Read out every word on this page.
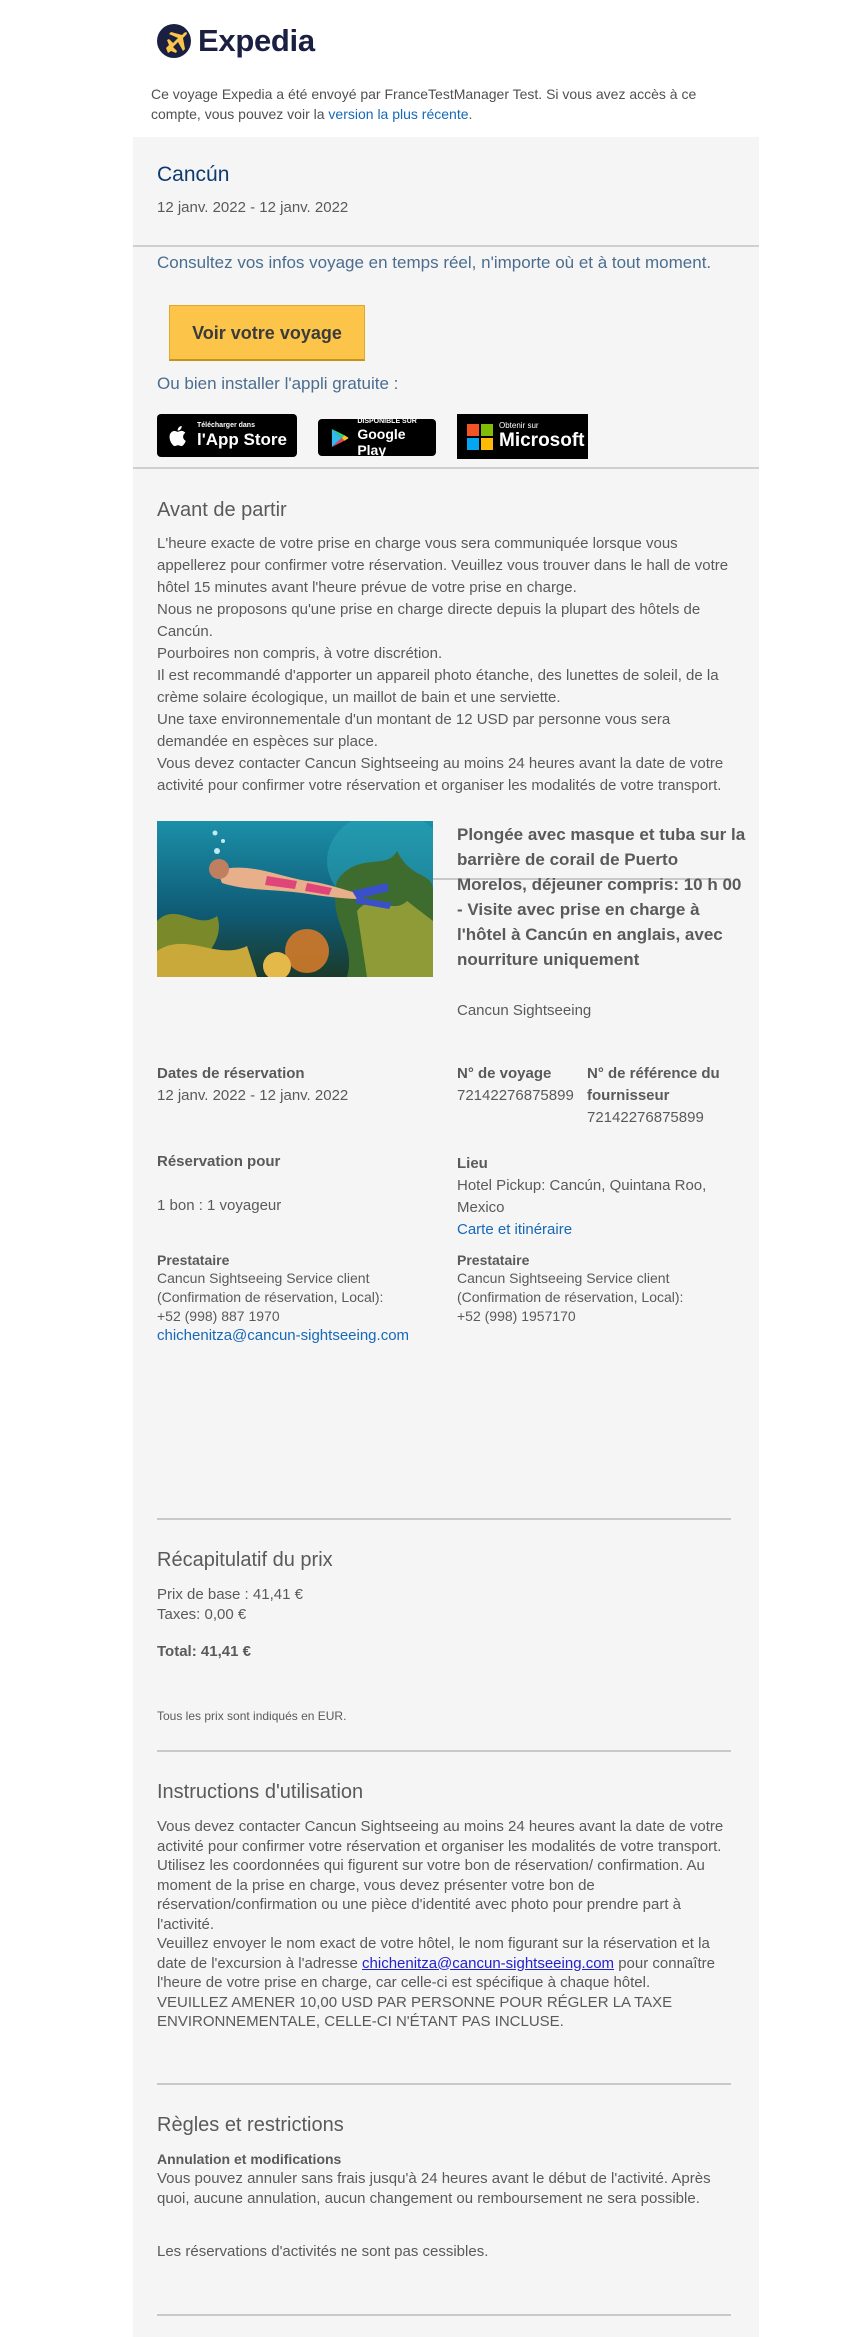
Expedia
Ce voyage Expedia a été envoyé par FranceTestManager Test. Si vous avez accès à ce compte, vous pouvez voir la version la plus récente.
Cancún
12 janv. 2022 - 12 janv. 2022
Consultez vos infos voyage en temps réel, n'importe où et à tout moment.
Voir votre voyage
Ou bien installer l'appli gratuite :
Télécharger dans
l'App Store
DISPONIBLE SUR
Google Play
Obtenir sur
Microsoft
Avant de partir

L'heure exacte de votre prise en charge vous sera communiquée lorsque vous appellerez pour confirmer votre réservation. Veuillez vous trouver dans le hall de votre hôtel 15 minutes avant l'heure prévue de votre prise en charge.

Nous ne proposons qu'une prise en charge directe depuis la plupart des hôtels de Cancún.

Pourboires non compris, à votre discrétion.

Il est recommandé d'apporter un appareil photo étanche, des lunettes de soleil, de la crème solaire écologique, un maillot de bain et une serviette.

Une taxe environnementale d'un montant de 12 USD par personne vous sera demandée en espèces sur place.

Vous devez contacter Cancun Sightseeing au moins 24 heures avant la date de votre activité pour confirmer votre réservation et organiser les modalités de votre transport.

Plongée avec masque et tuba sur la barrière de corail de Puerto Morelos, déjeuner compris: 10 h 00 - Visite avec prise en charge à l'hôtel à Cancún en anglais, avec nourriture uniquement
Cancun Sightseeing
Dates de réservation
12 janv. 2022 - 12 janv. 2022
N° de voyage
72142276875899
N° de référence du fournisseur
72142276875899
Réservation pour
1 bon : 1 voyageur
Lieu
Hotel Pickup: Cancún, Quintana Roo, Mexico
Carte et itinéraire
Prestataire
Cancun Sightseeing Service client
(Confirmation de réservation, Local):
+52 (998) 887 1970
chichenitza@cancun-sightseeing.com
Prestataire
Cancun Sightseeing Service client
(Confirmation de réservation, Local):
+52 (998) 1957170
Récapitulatif du prix
Prix de base : 41,41 €
Taxes: 0,00 €
Total: 41,41 €
Tous les prix sont indiqués en EUR.
Instructions d'utilisation

Vous devez contacter Cancun Sightseeing au moins 24 heures avant la date de votre activité pour confirmer votre réservation et organiser les modalités de votre transport. Utilisez les coordonnées qui figurent sur votre bon de réservation/ confirmation. Au moment de la prise en charge, vous devez présenter votre bon de réservation/confirmation ou une pièce d'identité avec photo pour prendre part à l'activité.

Veuillez envoyer le nom exact de votre hôtel, le nom figurant sur la réservation et la date de l'excursion à l'adresse chichenitza@cancun-sightseeing.com pour connaître l'heure de votre prise en charge, car celle-ci est spécifique à chaque hôtel.

VEUILLEZ AMENER 10,00 USD PAR PERSONNE POUR RÉGLER LA TAXE ENVIRONNEMENTALE, CELLE-CI N'ÉTANT PAS INCLUSE.

Règles et restrictions
Annulation et modifications
Vous pouvez annuler sans frais jusqu'à 24 heures avant le début de l'activité. Après quoi, aucune annulation, aucun changement ou remboursement ne sera possible.
Les réservations d'activités ne sont pas cessibles.
